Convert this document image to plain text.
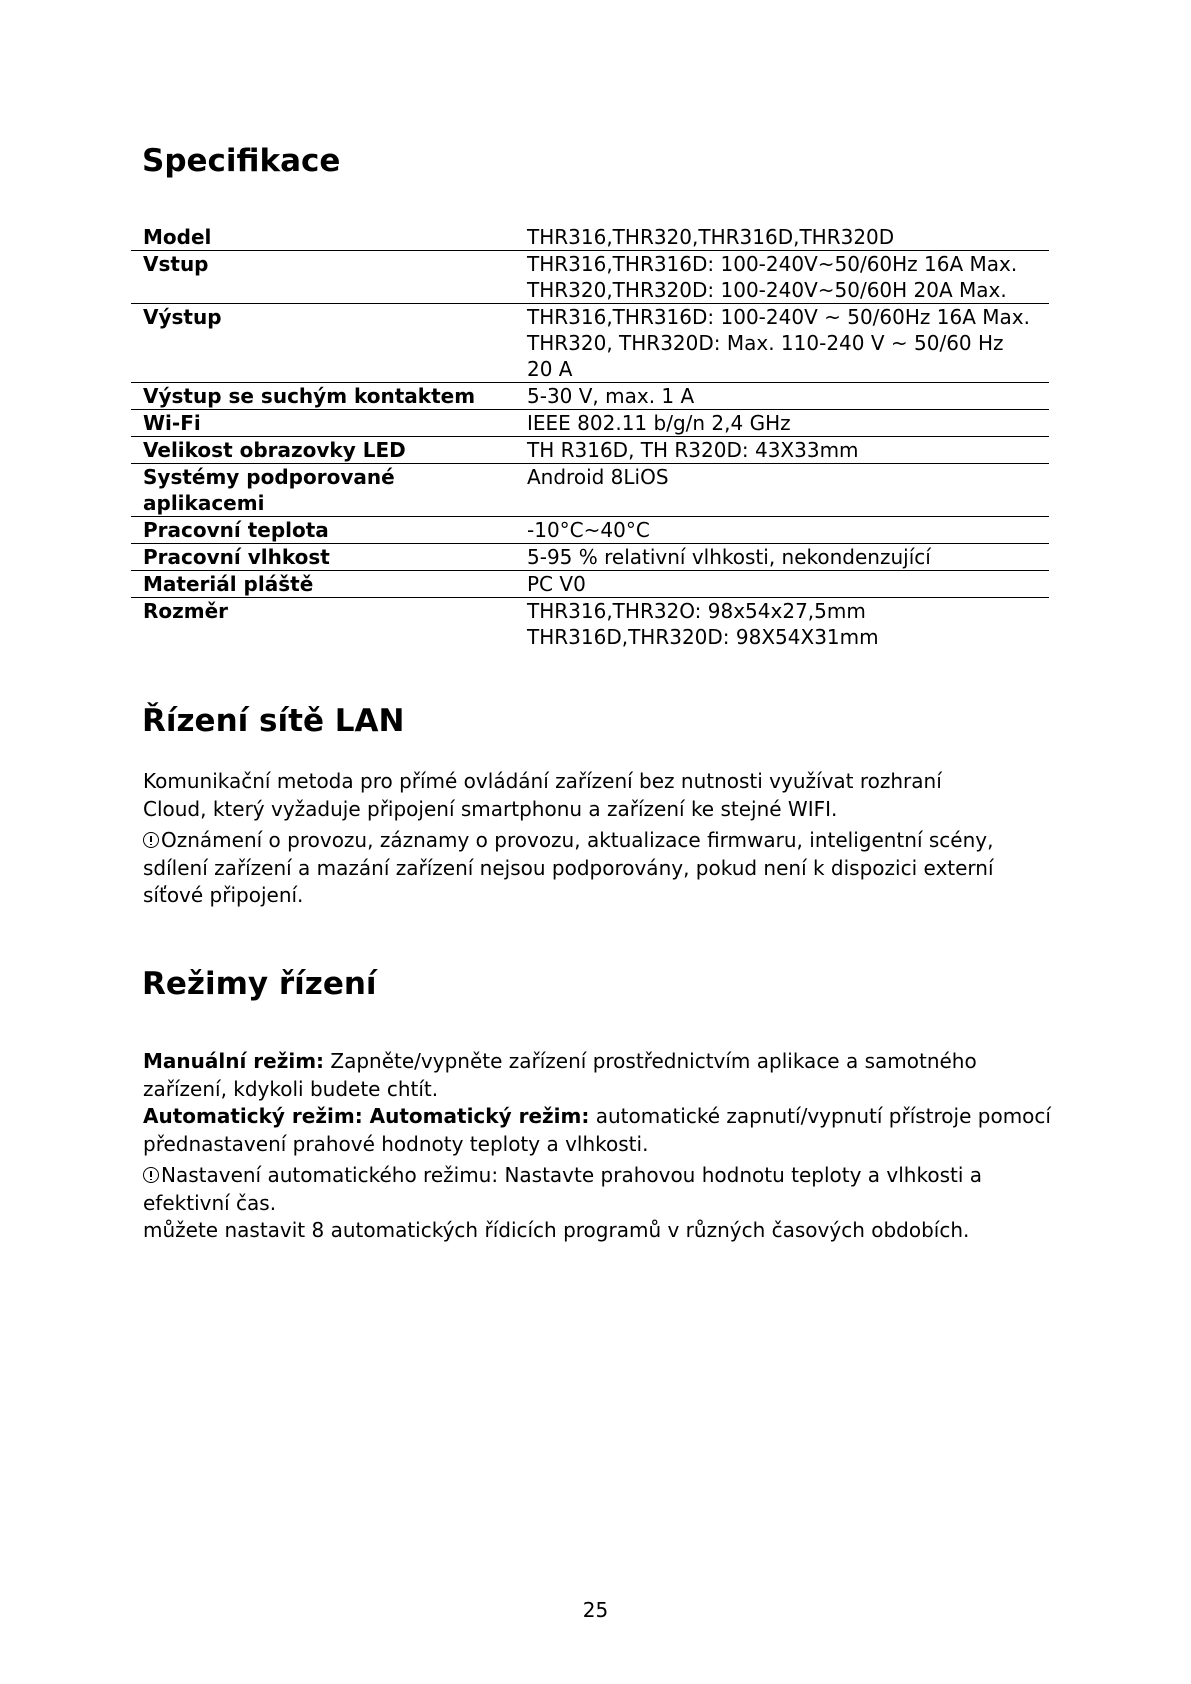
Specifikace
Model	THR316,THR320,THR316D,THR320D

Vstup	THR316,THR316D: 100-240V~50/60Hz 16A Max.
THR320,THR320D: 100-240V~50/60H 20A Max.

Výstup	THR316,THR316D: 100-240V ~ 50/60Hz 16A Max.
THR320, THR320D: Max. 110-240 V ~ 50/60 Hz
20 A

Výstup se suchým kontaktem	5-30 V, max. 1 A

Wi-Fi	IEEE 802.11 b/g/n 2,4 GHz

Velikost obrazovky LED	TH R316D, TH R320D: 43X33mm

Systémy podporované aplikacemi	Android 8LiOS

Pracovní teplota	-10°C~40°C

Pracovní vlhkost	5-95 % relativní vlhkosti, nekondenzující

Materiál pláště	PC V0

Rozměr	THR316,THR32O: 98x54x27,5mm
THR316D,THR320D: 98X54X31mm
Řízení sítě LAN

Komunikační metoda pro přímé ovládání zařízení bez nutnosti využívat rozhraní
Cloud, který vyžaduje připojení smartphonu a zařízení ke stejné WIFI.

Oznámení o provozu, záznamy o provozu, aktualizace firmwaru, inteligentní scény,
sdílení zařízení a mazání zařízení nejsou podporovány, pokud není k dispozici externí
síťové připojení.

Režimy řízení

Manuální režim: Zapněte/vypněte zařízení prostřednictvím aplikace a samotného
zařízení, kdykoli budete chtít.

Automatický režim: Automatický režim: automatické zapnutí/vypnutí přístroje pomocí
přednastavení prahové hodnoty teploty a vlhkosti.

Nastavení automatického režimu: Nastavte prahovou hodnotu teploty a vlhkosti a
efektivní čas.
můžete nastavit 8 automatických řídicích programů v různých časových obdobích.

25
